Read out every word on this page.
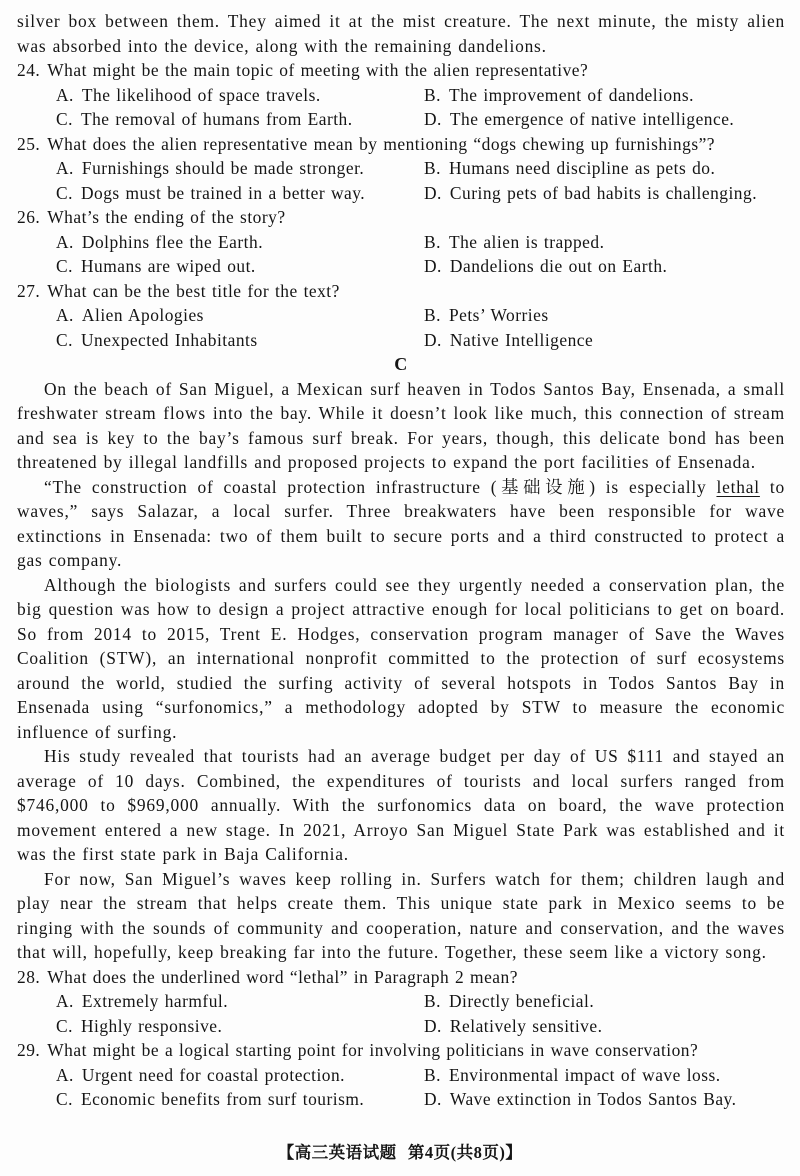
silver box between them. They aimed it at the mist creature. The next minute, the misty alien was absorbed into the device, along with the remaining dandelions.

24. What might be the main topic of meeting with the alien representative?

A. The likelihood of space travels.	B. The improvement of dandelions.
C. The removal of humans from Earth.	D. The emergence of native intelligence.

25. What does the alien representative mean by mentioning “dogs chewing up furnishings”?

A. Furnishings should be made stronger.	B. Humans need discipline as pets do.
C. Dogs must be trained in a better way.	D. Curing pets of bad habits is challenging.

26. What’s the ending of the story?

A. Dolphins flee the Earth.	B. The alien is trapped.
C. Humans are wiped out.	D. Dandelions die out on Earth.

27. What can be the best title for the text?

A. Alien Apologies	B. Pets’ Worries
C. Unexpected Inhabitants	D. Native Intelligence

C

On the beach of San Miguel, a Mexican surf heaven in Todos Santos Bay, Ensenada, a small freshwater stream flows into the bay. While it doesn’t look like much, this connection of stream and sea is key to the bay’s famous surf break. For years, though, this delicate bond has been threatened by illegal landfills and proposed projects to expand the port facilities of Ensenada.

“The construction of coastal protection infrastructure (基础设施) is especially lethal to waves,” says Salazar, a local surfer. Three breakwaters have been responsible for wave extinctions in Ensenada: two of them built to secure ports and a third constructed to protect a gas company.

Although the biologists and surfers could see they urgently needed a conservation plan, the big question was how to design a project attractive enough for local politicians to get on board. So from 2014 to 2015, Trent E. Hodges, conservation program manager of Save the Waves Coalition (STW), an international nonprofit committed to the protection of surf ecosystems around the world, studied the surfing activity of several hotspots in Todos Santos Bay in Ensenada using “surfonomics,” a methodology adopted by STW to measure the economic influence of surfing.

His study revealed that tourists had an average budget per day of US $111 and stayed an average of 10 days. Combined, the expenditures of tourists and local surfers ranged from $746,000 to $969,000 annually. With the surfonomics data on board, the wave protection movement entered a new stage. In 2021, Arroyo San Miguel State Park was established and it was the first state park in Baja California.

For now, San Miguel’s waves keep rolling in. Surfers watch for them; children laugh and play near the stream that helps create them. This unique state park in Mexico seems to be ringing with the sounds of community and cooperation, nature and conservation, and the waves that will, hopefully, keep breaking far into the future. Together, these seem like a victory song.

28. What does the underlined word “lethal” in Paragraph 2 mean?

A. Extremely harmful.	B. Directly beneficial.
C. Highly responsive.	D. Relatively sensitive.

29. What might be a logical starting point for involving politicians in wave conservation?

A. Urgent need for coastal protection.	B. Environmental impact of wave loss.
C. Economic benefits from surf tourism.	D. Wave extinction in Todos Santos Bay.
【高三英语试题  第4页(共8页)】
